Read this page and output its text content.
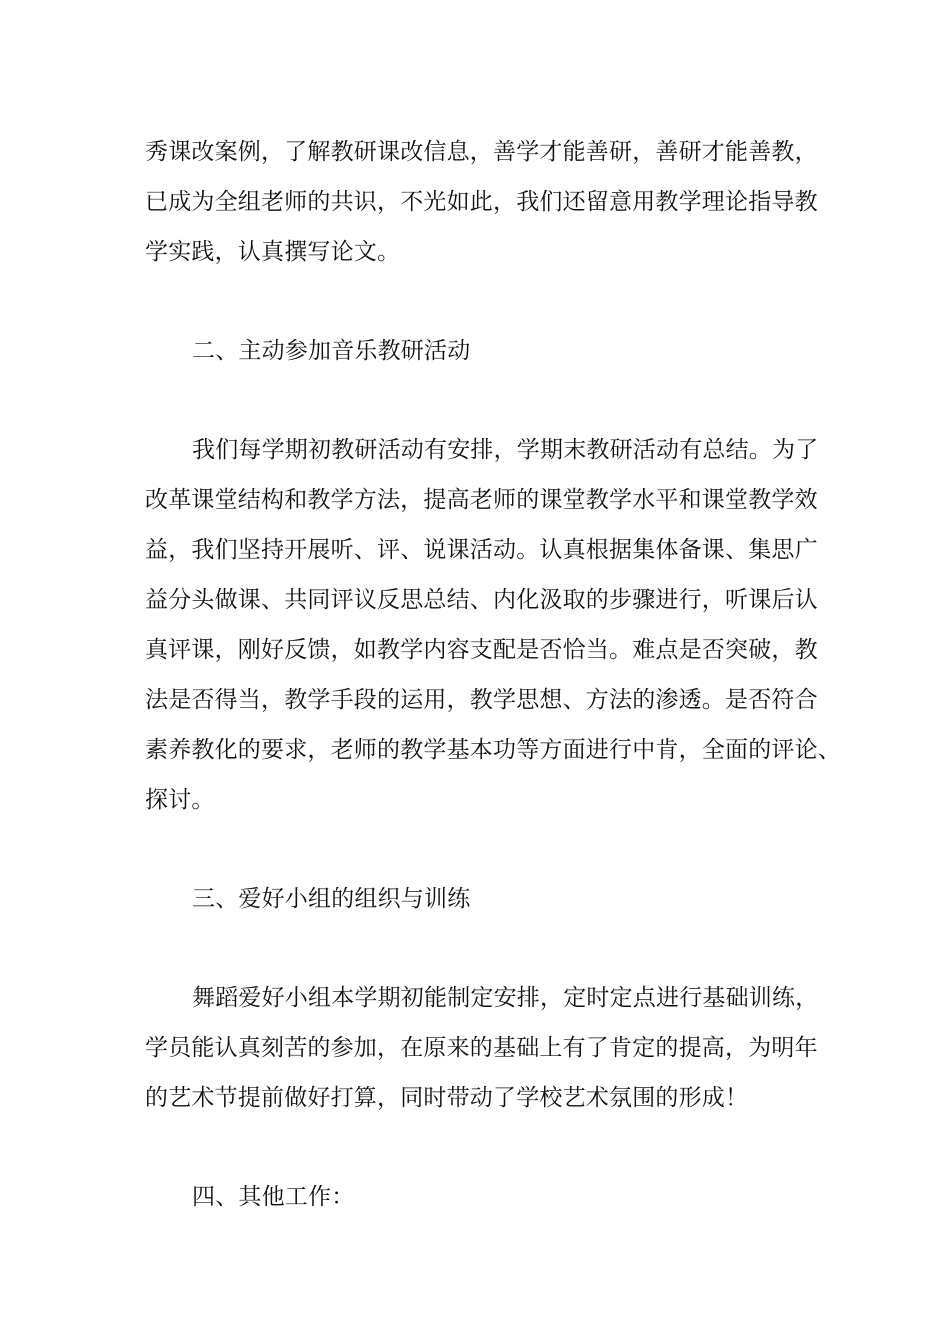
秀课改案例，了解教研课改信息，善学才能善研，善研才能善教，
已成为全组老师的共识，不光如此，我们还留意用教学理论指导教
学实践，认真撰写论文。
二、主动参加音乐教研活动
我们每学期初教研活动有安排，学期末教研活动有总结。为了
改革课堂结构和教学方法，提高老师的课堂教学水平和课堂教学效
益，我们坚持开展听、评、说课活动。认真根据集体备课、集思广
益分头做课、共同评议反思总结、内化汲取的步骤进行，听课后认
真评课，刚好反馈，如教学内容支配是否恰当。难点是否突破，教
法是否得当，教学手段的运用，教学思想、方法的渗透。是否符合
素养教化的要求，老师的教学基本功等方面进行中肯，全面的评论、
探讨。
三、爱好小组的组织与训练
舞蹈爱好小组本学期初能制定安排，定时定点进行基础训练，
学员能认真刻苦的参加，在原来的基础上有了肯定的提高，为明年
的艺术节提前做好打算，同时带动了学校艺术氛围的形成！
四、其他工作：
